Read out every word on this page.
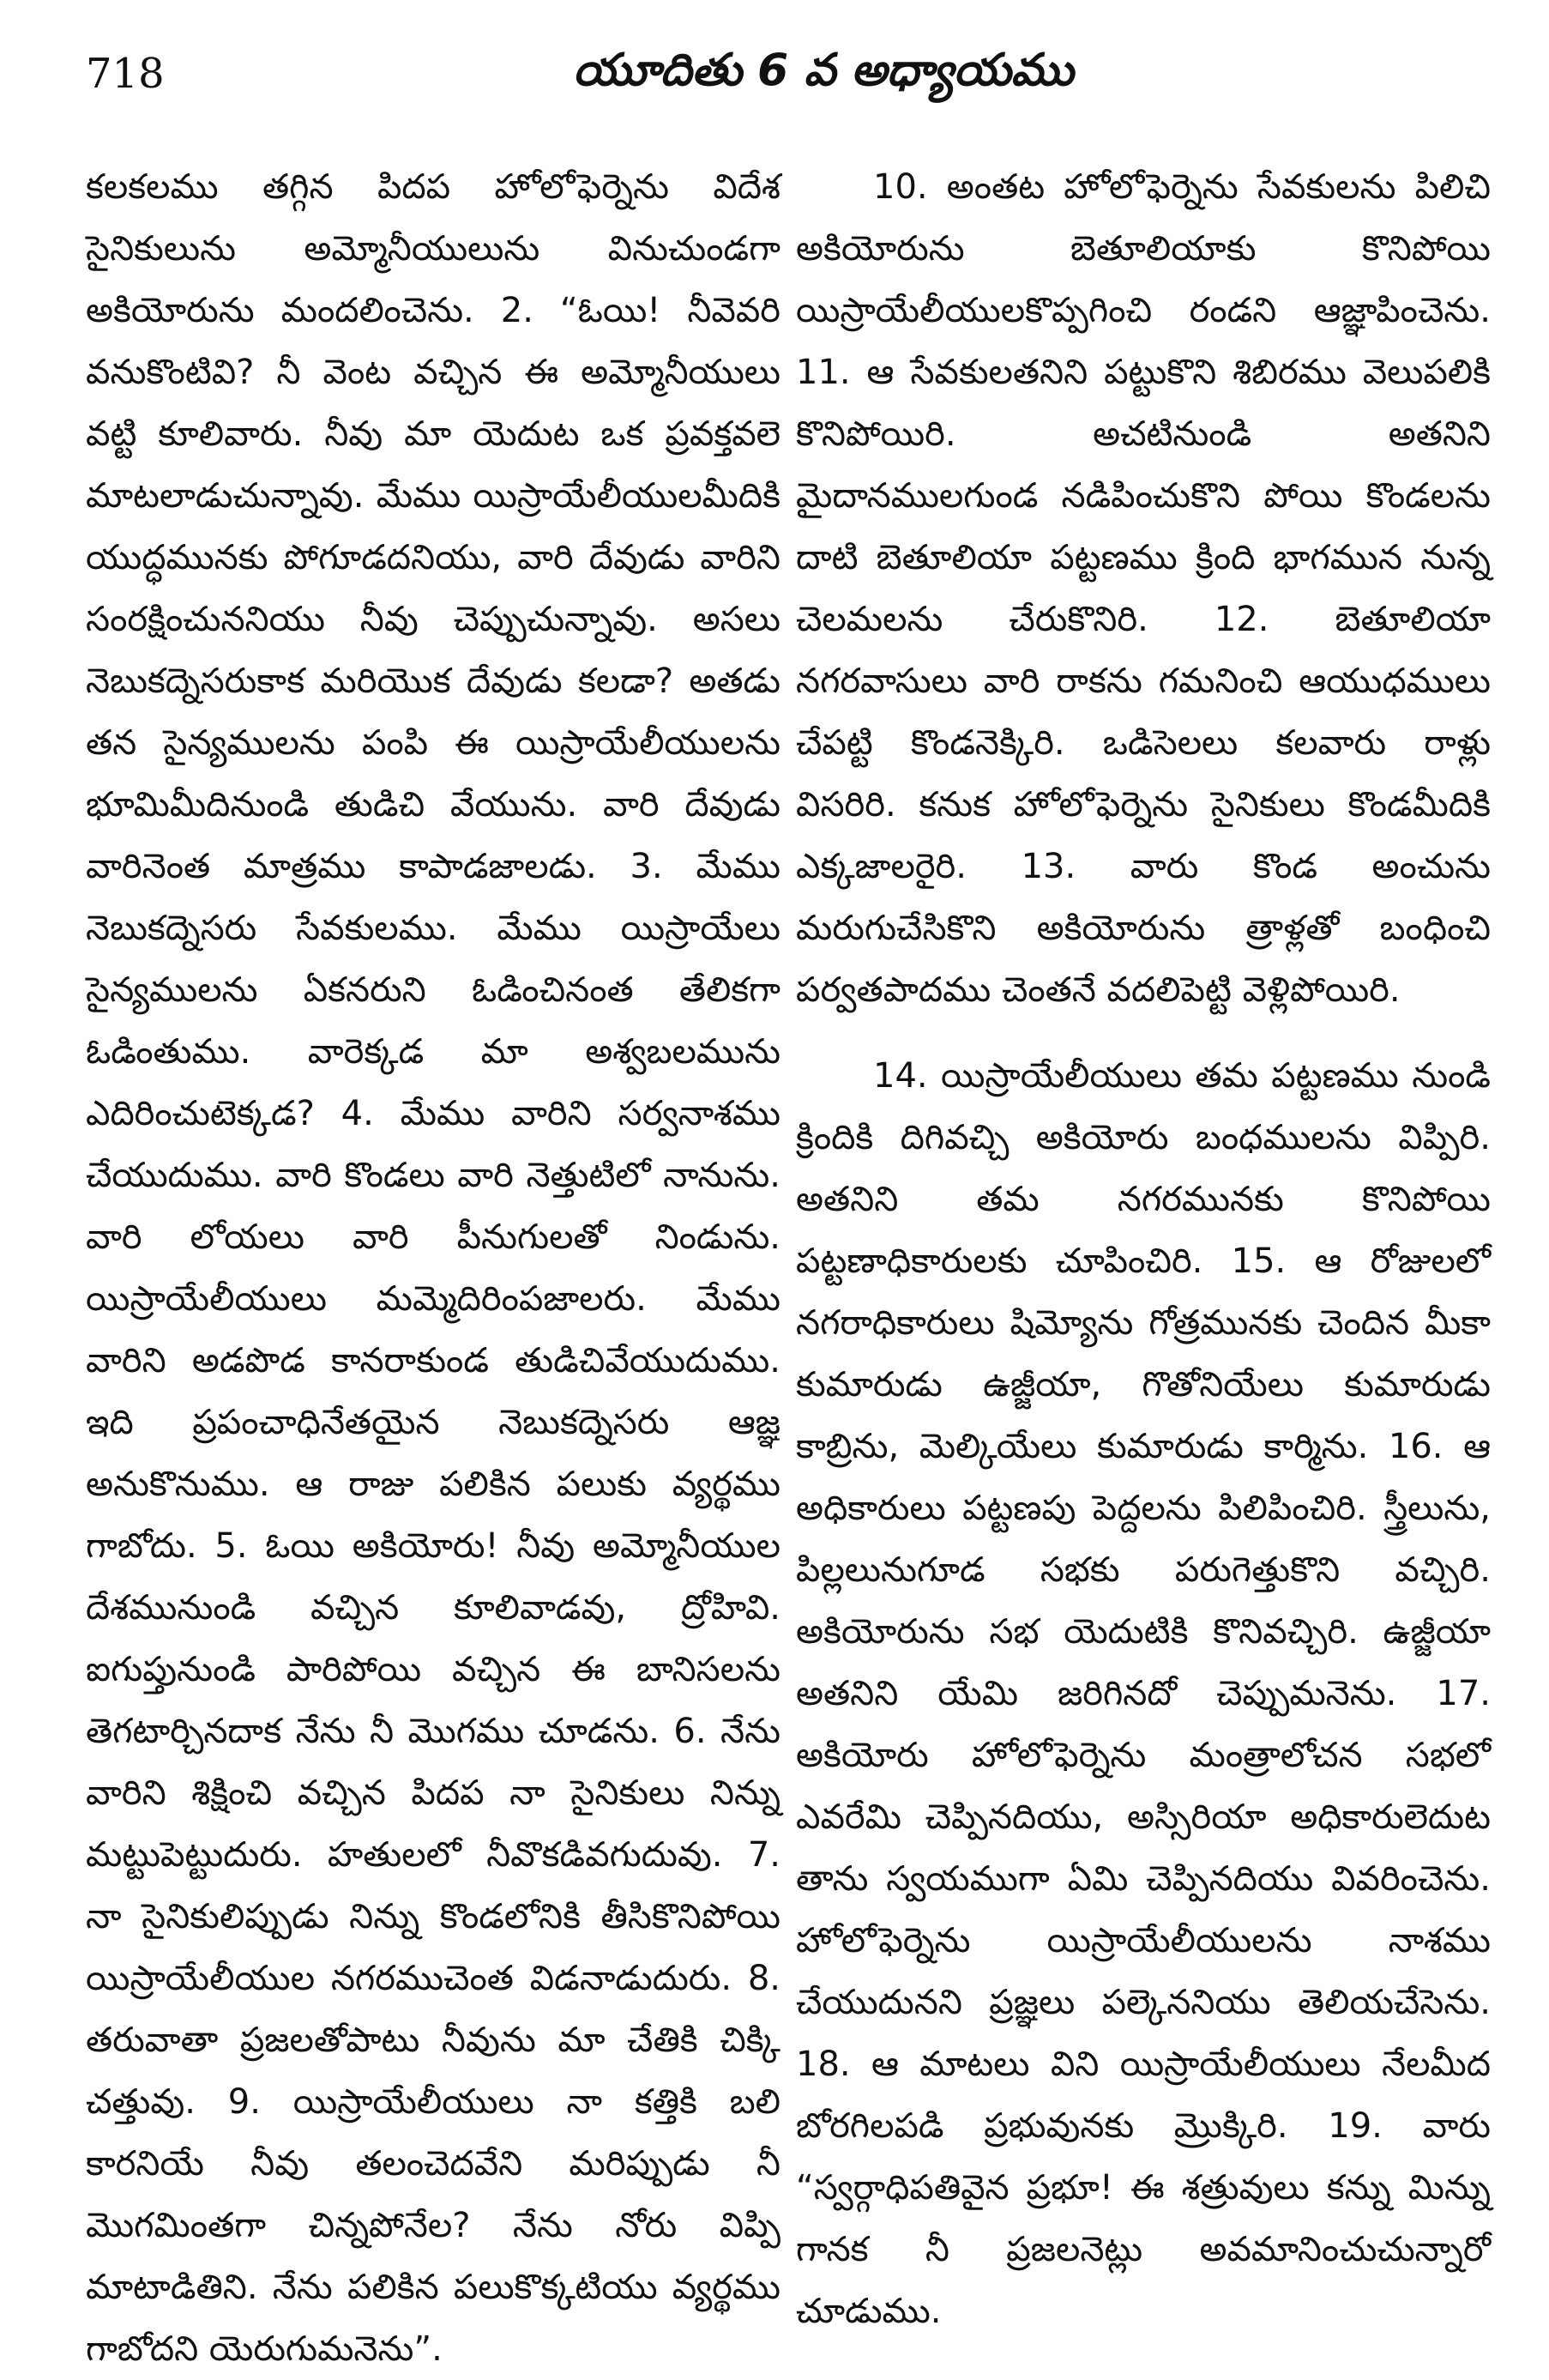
718	యూదితు 6 వ అధ్యాయము

కలకలము తగ్గిన పిదప హోలోఫెర్నెను విదేశ సైనికులును అమ్మోనీయులును వినుచుండగా అకియోరును మందలించెను. 2. “ఓయి! నీవెవరి వనుకొంటివి? నీ వెంట వచ్చిన ఈ అమ్మోనీయులు వట్టి కూలివారు. నీవు మా యెదుట ఒక ప్రవక్తవలె మాటలాడుచున్నావు. మేము యిస్రాయేలీయులమీదికి యుద్ధమునకు పోగూడదనియు, వారి దేవుడు వారిని సంరక్షించుననియు నీవు చెప్పుచున్నావు. అసలు నెబుకద్నెసరుకాక మరియొక దేవుడు కలడా? అతడు తన సైన్యములను పంపి ఈ యిస్రాయేలీయులను భూమిమీదినుండి తుడిచి వేయును. వారి దేవుడు వారినెంత మాత్రము కాపాడజాలడు. 3. మేము నెబుకద్నెసరు సేవకులము. మేము యిస్రాయేలు సైన్యములను ఏకనరుని ఓడించినంత తేలికగా ఓడింతుము. వారెక్కడ మా అశ్వబలమును ఎదిరించుటెక్కడ? 4. మేము వారిని సర్వనాశము చేయుదుము. వారి కొండలు వారి నెత్తుటిలో నానును. వారి లోయలు వారి పీనుగులతో నిండును. యిస్రాయేలీయులు మమ్మెదిరింపజాలరు. మేము వారిని అడపొడ కానరాకుండ తుడిచివేయుదుము. ఇది ప్రపంచాధినేతయైన నెబుకద్నెసరు ఆజ్ఞ అనుకొనుము. ఆ రాజు పలికిన పలుకు వ్యర్థము గాబోదు. 5. ఓయి అకియోరు! నీవు అమ్మోనీయుల దేశమునుండి వచ్చిన కూలివాడవు, ద్రోహివి. ఐగుప్తునుండి పారిపోయి వచ్చిన ఈ బానిసలను తెగటార్చినదాక నేను నీ మొగము చూడను. 6. నేను వారిని శిక్షించి వచ్చిన పిదప నా సైనికులు నిన్ను మట్టుపెట్టుదురు. హతులలో నీవొకడివగుదువు. 7. నా సైనికులిప్పుడు నిన్ను కొండలోనికి తీసికొనిపోయి యిస్రాయేలీయుల నగరముచెంత విడనాడుదురు. 8. తరువాతా ప్రజలతోపాటు నీవును మా చేతికి చిక్కి చత్తువు. 9. యిస్రాయేలీయులు నా కత్తికి బలి కారనియే నీవు తలంచెదవేని మరిప్పుడు నీ మొగమింతగా చిన్నపోనేల? నేను నోరు విప్పి మాటాడితిని. నేను పలికిన పలుకొక్కటియు వ్యర్థము గాబోదని యెరుగుమనెను”.

10. అంతట హోలోఫెర్నెను సేవకులను పిలిచి అకియోరును బెతూలియాకు కొనిపోయి యిస్రాయేలీయులకొప్పగించి రండని ఆజ్ఞాపించెను. 11. ఆ సేవకులతనిని పట్టుకొని శిబిరము వెలుపలికి కొనిపోయిరి. అచటినుండి అతనిని మైదానములగుండ నడిపించుకొని పోయి కొండలను దాటి బెతూలియా పట్టణము క్రింది భాగమున నున్న చెలమలను చేరుకొనిరి. 12. బెతూలియా నగరవాసులు వారి రాకను గమనించి ఆయుధములు చేపట్టి కొండనెక్కిరి. ఒడిసెలలు కలవారు రాళ్లు విసరిరి. కనుక హోలోఫెర్నెను సైనికులు కొండమీదికి ఎక్కజాలరైరి. 13. వారు కొండ అంచును మరుగుచేసికొని అకియోరును త్రాళ్లతో బంధించి పర్వతపాదము చెంతనే వదలిపెట్టి వెళ్లిపోయిరి.

14. యిస్రాయేలీయులు తమ పట్టణము నుండి క్రిందికి దిగివచ్చి అకియోరు బంధములను విప్పిరి. అతనిని తమ నగరమునకు కొనిపోయి పట్టణాధికారులకు చూపించిరి. 15. ఆ రోజులలో నగరాధికారులు షిమ్యోను గోత్రమునకు చెందిన మీకా కుమారుడు ఉజ్జీయా, గొతోనియేలు కుమారుడు కాబ్రిను, మెల్కియేలు కుమారుడు కార్మిను. 16. ఆ అధికారులు పట్టణపు పెద్దలను పిలిపించిరి. స్త్రీలును, పిల్లలునుగూడ సభకు పరుగెత్తుకొని వచ్చిరి. అకియోరును సభ యెదుటికి కొనివచ్చిరి. ఉజ్జీయా అతనిని యేమి జరిగినదో చెప్పుమనెను. 17. అకియోరు హోలోఫెర్నెను మంత్రాలోచన సభలో ఎవరేమి చెప్పినదియు, అస్సిరియా అధికారులెదుట తాను స్వయముగా ఏమి చెప్పినదియు వివరించెను. హోలోఫెర్నెను యిస్రాయేలీయులను నాశము చేయుదునని ప్రజ్ఞలు పల్కెననియు తెలియచేసెను. 18. ఆ మాటలు విని యిస్రాయేలీయులు నేలమీద బోరగిలపడి ప్రభువునకు మ్రొక్కిరి. 19. వారు “స్వర్గాధిపతివైన ప్రభూ! ఈ శత్రువులు కన్ను మిన్ను గానక నీ ప్రజలనెట్లు అవమానించుచున్నారో చూడుము.
